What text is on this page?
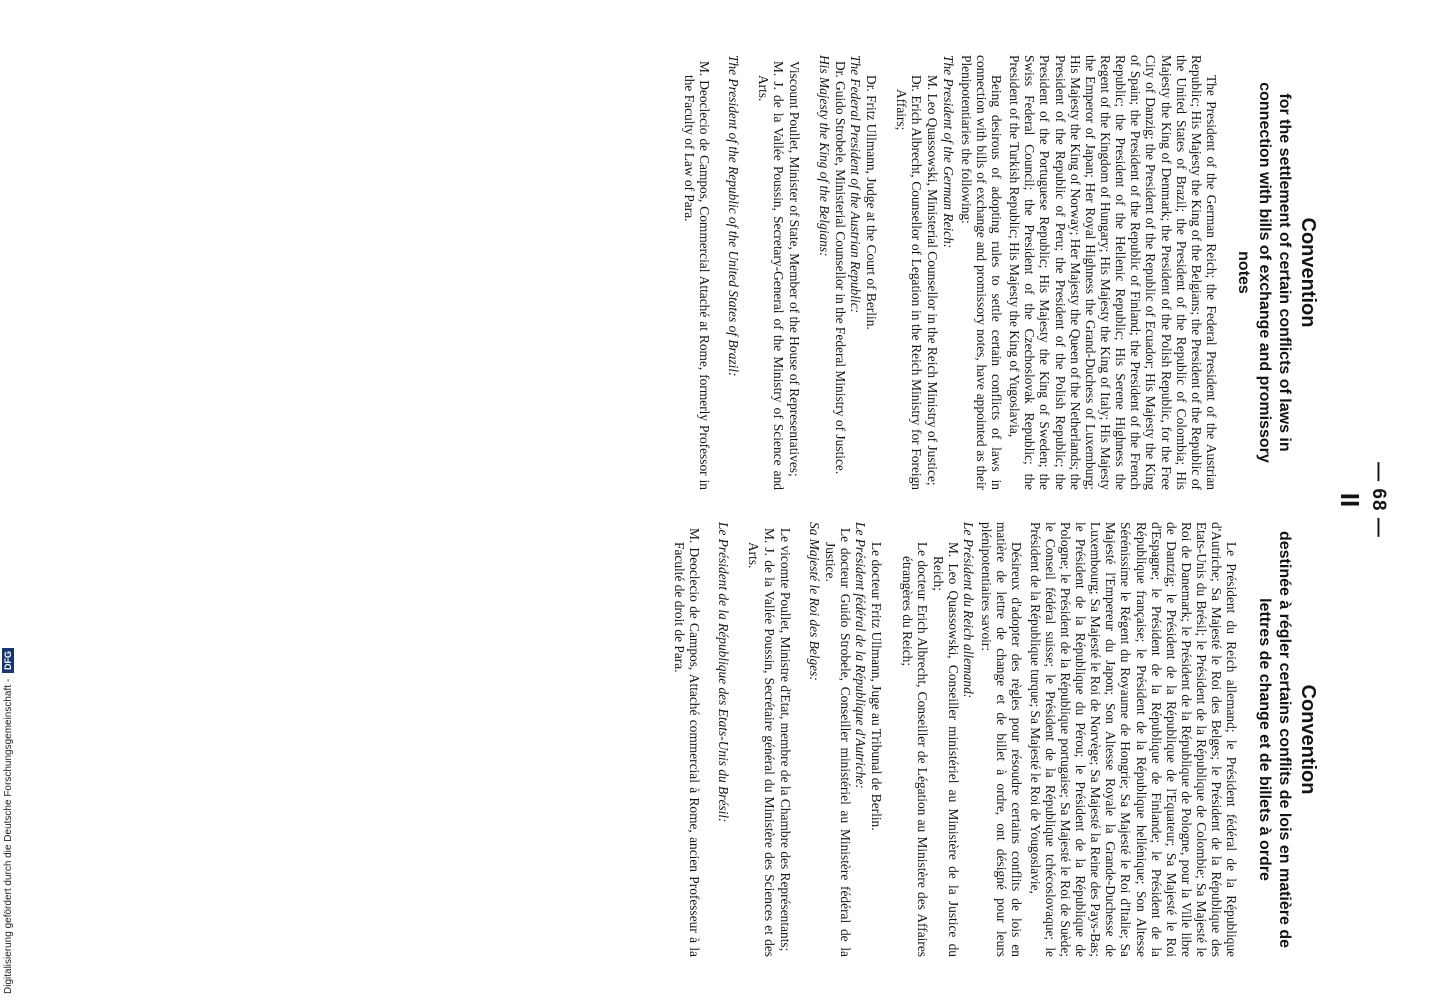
— 68 —
II
Convention
for the settlement of certain conflicts of laws in connection with bills of exchange and promissory notes

The President of the German Reich; the Federal President of the Austrian Republic; His Majesty the King of the Belgians; the President of the Republic of the United States of Brazil; the President of the Republic of Colombia; His Majesty the King of Denmark; the President of the Polish Republic, for the Free City of Danzig; the President of the Republic of Ecuador; His Majesty the King of Spain; the President of the Republic of Finland; the President of the French Republic; the President of the Hellenic Republic; His Serene Highness the Regent of the Kingdom of Hungary; His Majesty the King of Italy; His Majesty the Emperor of Japan; Her Royal Highness the Grand-Duchess of Luxemburg; His Majesty the King of Norway; Her Majesty the Queen of the Netherlands; the President of the Republic of Peru; the President of the Polish Republic; the President of the Portuguese Republic; His Majesty the King of Sweden; the Swiss Federal Council; the President of the Czechoslovak Republic; the President of the Turkish Republic; His Majesty the King of Yugoslavia,

Being desirous of adopting rules to settle certain conflicts of laws in connection with bills of exchange and promissory notes, have appointed as their Plenipotentiaries the following:

The President of the German Reich:

M. Leo Quassowski, Ministerial Counsellor in the Reich Ministry of Justice;

Dr. Erich Albrecht, Counsellor of Legation in the Reich Ministry for Foreign Affairs;

Dr. Fritz Ullmann, Judge at the Court of Berlin.

The Federal President of the Austrian Republic:

Dr. Guido Strobele, Ministerial Counsellor in the Federal Ministry of Justice.

His Majesty the King of the Belgians:

Viscount Poullet, Minister of State, Member of the House of Representatives;

M. J. de la Vallée Poussin, Secretary-General of the Ministry of Science and Arts.

The President of the Republic of the United States of Brazil:

M. Deoclecio de Campos, Commercial Attaché at Rome, formerly Professor in the Faculty of Law of Para.

Convention
destinée à régler certains conflits de lois en matière de lettres de change et de billets à ordre

Le Président du Reich allemand; le Président fédéral de la République d'Autriche; Sa Majesté le Roi des Belges; le Président de la République des Etats-Unis du Brésil; le Président de la République de Colombie; Sa Majesté le Roi de Danemark; le Président de la République de Pologne, pour la Ville libre de Dantzig; le Président de la République de l'Equateur; Sa Majesté le Roi d'Espagne; le Président de la République de Finlande; le Président de la République française; le Président de la République hellénique; Son Altesse Sérénissime le Régent du Royaume de Hongrie; Sa Majesté le Roi d'Italie; Sa Majesté l'Empereur du Japon; Son Altesse Royale la Grande-Duchesse de Luxembourg; Sa Majesté le Roi de Norvège; Sa Majesté la Reine des Pays-Bas; le Président de la République du Pérou; le Président de la République de Pologne; le Président de la République portugaise; Sa Majesté le Roi de Suède; le Conseil fédéral suisse; le Président de la République tchécoslovaque; le Président de la République turque; Sa Majesté le Roi de Yougoslavie,

Désireux d'adopter des règles pour résoudre certains conflits de lois en matière de lettre de change et de billet à ordre, ont désigné pour leurs plénipotentiaires savoir:

Le Président du Reich allemand:

M. Leo Quassowski, Conseiller ministériel au Ministère de la Justice du Reich;

Le docteur Erich Albrecht, Conseiller de Légation au Ministère des Affaires étrangères du Reich;

Le docteur Fritz Ullmann, Juge au Tribunal de Berlin.

Le Président fédéral de la République d'Autriche:

Le docteur Guido Strobele, Conseiller ministériel au Ministère fédéral de la Justice.

Sa Majesté le Roi des Belges:

Le vicomte Poullet, Ministre d'Etat, membre de la Chambre des Représentants;

M. J. de la Vallée Poussin, Secrétaire général du Ministère des Sciences et des Arts.

Le Président de la République des Etats-Unis du Brésil:

M. Deoclecio de Campos, Attaché commercial à Rome, ancien Professeur à la Faculté de droit de Para.

Digitalisierung gefördert durch die Deutsche Forschungsgemeinschaft - DFG
